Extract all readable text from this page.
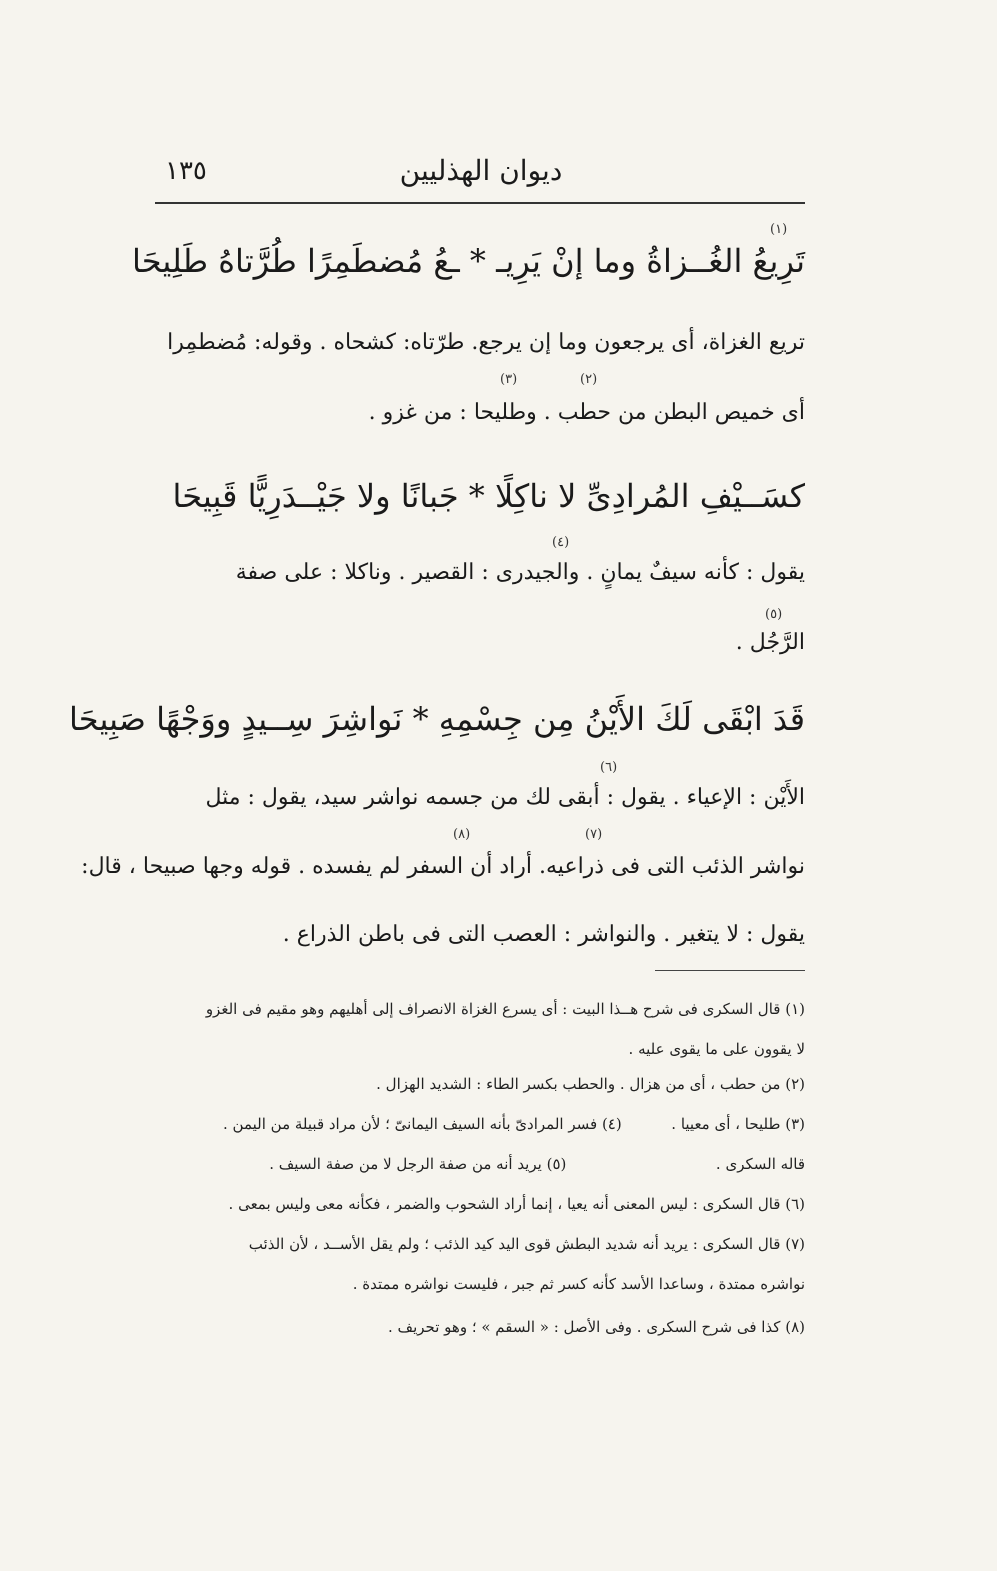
١٣٥	ديوان الهذليين
(١)
تَرِيعُ الغُــزاةُ وما إنْ يَرِيـ * ـعُ مُضطَمِرًا طُرَّتاهُ طَلِيحَا
تريع الغزاة، أى يرجعون وما إن يرجع. طرّتاه: كشحاه . وقوله: مُضطمِرا
(٢)
(٣)
أى خميص البطن من حطب . وطليحا : من غزو .
كسَــيْفِ المُرادِىِّ لا ناكِلًا * جَبانًا ولا جَيْــدَرِيًّا قَبِيحَا
(٤)
يقول : كأنه سيفٌ يمانٍ . والجيدرى : القصير . وناكلا : على صفة
(٥)
الرَّجُل .
قَدَ ابْقَى لَكَ الأَيْنُ مِن جِسْمِهِ * نَواشِرَ سِــيدٍ ووَجْهًا صَبِيحَا
(٦)
الأَيْن : الإعياء . يقول : أبقى لك من جسمه نواشر سيد، يقول : مثل
(٧)
(٨)
نواشر الذئب التى فى ذراعيه. أراد أن السفر لم يفسده . قوله وجها صبيحا ، قال:
يقول : لا يتغير . والنواشر : العصب التى فى باطن الذراع .
(١) قال السكرى فى شرح هــذا البيت : أى يسرع الغزاة الانصراف إلى أهليهم وهو مقيم فى الغزو
لا يقوون على ما يقوى عليه .
(٢) من حطب ، أى من هزال . والحطب بكسر الطاء : الشديد الهزال .
(٣) طليحا ، أى معييا .  (٤) فسر المرادىّ بأنه السيف اليمانىّ ؛ لأن مراد قبيلة من اليمن .
قاله السكرى .  (٥) يريد أنه من صفة الرجل لا من صفة السيف .
(٦) قال السكرى : ليس المعنى أنه يعيا ، إنما أراد الشحوب والضمر ، فكأنه معى وليس بمعى .
(٧) قال السكرى : يريد أنه شديد البطش قوى اليد كيد الذئب ؛ ولم يقل الأســد ، لأن الذئب
نواشره ممتدة ، وساعدا الأسد كأنه كسر ثم جبر ، فليست نواشره ممتدة .
(٨) كذا فى شرح السكرى . وفى الأصل : « السقم » ؛ وهو تحريف .
